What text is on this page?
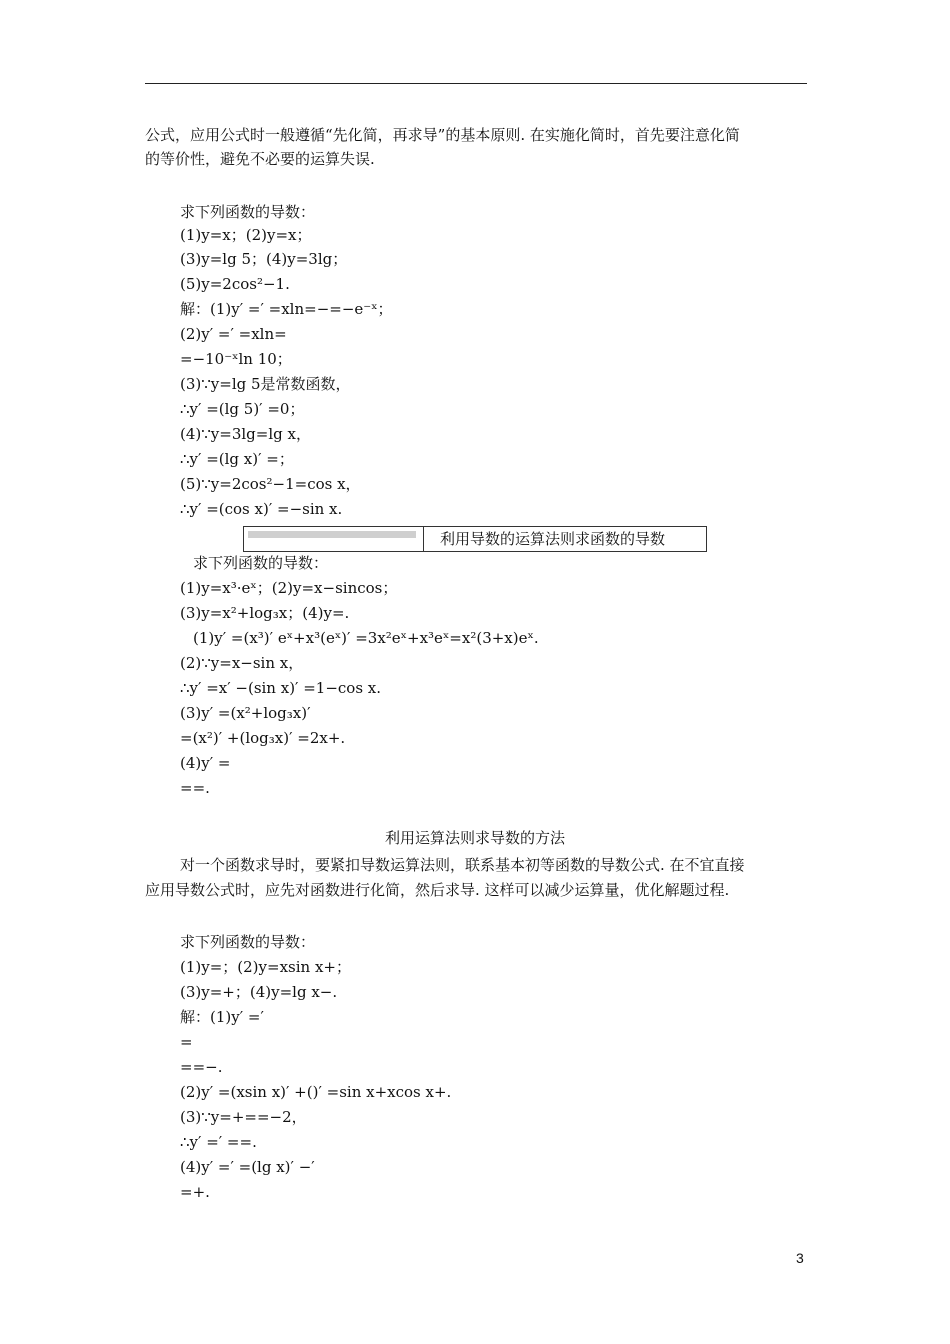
公式，应用公式时一般遵循“先化简，再求导”的基本原则. 在实施化简时，首先要注意化简
的等价性，避免不必要的运算失误.
求下列函数的导数：
(1)y=x；(2)y=x；
(3)y=lg 5；(4)y=3lg；
(5)y=2cos²−1.
解：(1)y′ =′ =xln=−=−e⁻ˣ；
(2)y′ =′ =xln=
=−10⁻ˣln 10；
(3)∵y=lg 5是常数函数，
∴y′ =(lg 5)′ =0；
(4)∵y=3lg=lg x，
∴y′ =(lg x)′ =；
(5)∵y=2cos²−1=cos x，
∴y′ =(cos x)′ =−sin x.
利用导数的运算法则求函数的导数
求下列函数的导数：
(1)y=x³·eˣ；(2)y=x−sincos；
(3)y=x²+log₃x；(4)y=.
(1)y′ =(x³)′ eˣ+x³(eˣ)′ =3x²eˣ+x³eˣ=x²(3+x)eˣ.
(2)∵y=x−sin x，
∴y′ =x′ −(sin x)′ =1−cos x.
(3)y′ =(x²+log₃x)′
=(x²)′ +(log₃x)′ =2x+.
(4)y′ =
==.
利用运算法则求导数的方法
对一个函数求导时，要紧扣导数运算法则，联系基本初等函数的导数公式. 在不宜直接
应用导数公式时，应先对函数进行化简，然后求导. 这样可以减少运算量，优化解题过程.
求下列函数的导数：
(1)y=；(2)y=xsin x+；
(3)y=+；(4)y=lg x−.
解：(1)y′ =′
=
==−.
(2)y′ =(xsin x)′ +()′ =sin x+xcos x+.
(3)∵y=+==−2，
∴y′ =′ ==.
(4)y′ =′ =(lg x)′ −′
=+.
3
